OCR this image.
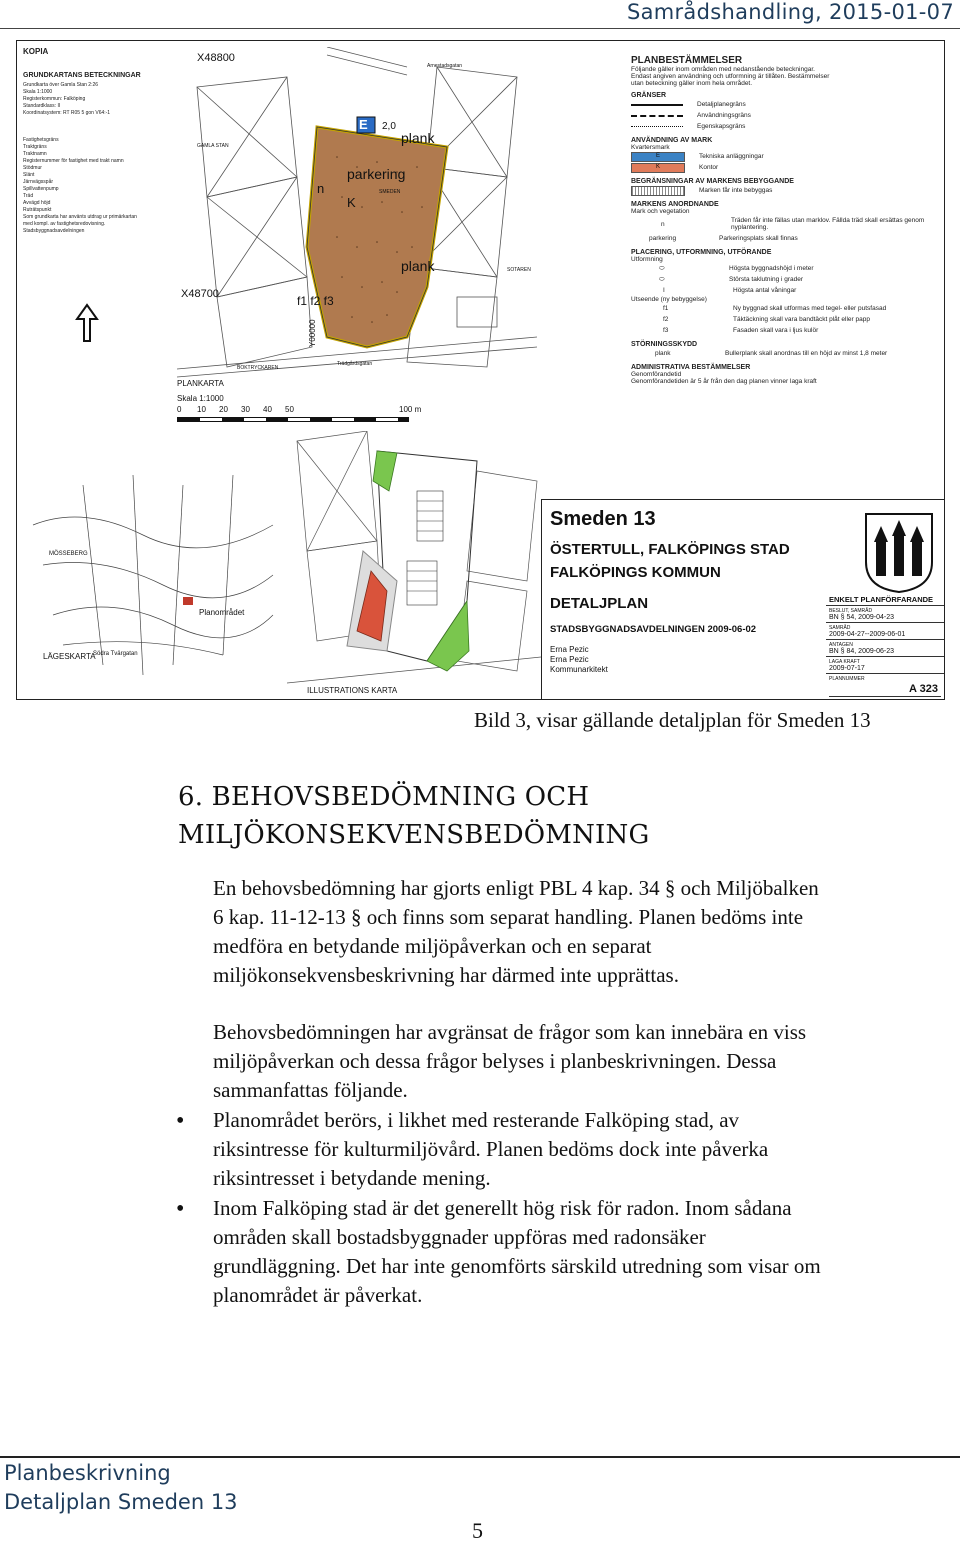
Samrådshandling, 2015-01-07
KOPIA
GRUNDKARTANS BETECKNINGAR
Grundkarta över Gamla Stan 2:26
Skala 1:1000
Registerkommun: Falköping
Standardklass: II
Koordinatsystem: RT R05 5 gon V64:-1
Fastighetsgräns
Traktgräns
Traktnamn
Registernummer för fastighet med trakt namn
Stödmur
Slänt
Järnvägsspår
Spillvattenpump
Träd
Avvägd höjd
Ruträtspunkt
Som grundkarta har använts utdrag ur primärkartan
med kompl. av fastighetsredovisning.
Stadsbyggnadsavdelningen
X48800
X48700
K
E 2,0
plank
parkering
SMEDEN
n
plank
f1 f2 f3
Arnestadsgatan
Trädgårdsgatan
BOKTRYCKAREN
SOTAREN
GAMLA STAN
Y00000
PLANKARTA
Skala 1:1000
0 10 20 30 40 50	100 m
MÖSSEBERG
Södra Tvärgatan
Planområdet
LÄGESKARTA
ILLUSTRATIONS KARTA
PLANBESTÄMMELSER
Följande gäller inom områden med nedanstående beteckningar.
Endast angiven användning och utformning är tillåten. Bestämmelser
utan beteckning gäller inom hela området.
GRÄNSER
Detaljplanegräns
Användningsgräns
Egenskapsgräns
ANVÄNDNING AV MARK
Kvartersmark
E	Tekniska anläggningar
K	Kontor
BEGRÄNSNINGAR AV MARKENS BEBYGGANDE
Marken får inte bebyggas
MARKENS ANORDNANDE
Mark och vegetation
n	Träden får inte fällas utan marklov. Fällda träd skall ersättas genom nyplantering.
parkering	Parkeringsplats skall finnas
PLACERING, UTFORMNING, UTFÖRANDE
Utformning
⬭	Högsta byggnadshöjd i meter
⬭	Största taklutning i grader
I	Högsta antal våningar
Utseende (ny bebyggelse)
f1	Ny byggnad skall utformas med tegel- eller putsfasad
f2	Täktäckning skall vara bandtäckt plåt eller papp
f3	Fasaden skall vara i ljus kulör
STÖRNINGSSKYDD
plank	Bullerplank skall anordnas till en höjd av minst 1,8 meter
ADMINISTRATIVA BESTÄMMELSER
Genomförandetid
Genomförandetiden är 5 år från den dag planen vinner laga kraft
Smeden 13
ÖSTERTULL, FALKÖPINGS STAD
FALKÖPINGS KOMMUN
DETALJPLAN
STADSBYGGNADSAVDELNINGEN 2009-06-02
Erna Pezic
Erna Pezic
Kommunarkitekt
ENKELT PLANFÖRFARANDE
BESLUT, SAMRÅD
BN § 54, 2009-04-23
SAMRÅD
2009-04-27--2009-06-01
ANTAGEN
BN § 84, 2009-06-23
LAGA KRAFT
2009-07-17
PLANNUMMER
A 323
Bild 3, visar gällande detaljplan för Smeden 13
6. BEHOVSBEDÖMNING OCH
MILJÖKONSEKVENSBEDÖMNING
En behovsbedömning har gjorts enligt PBL 4 kap. 34 § och Miljöbalken
6 kap. 11-12-13 § och finns som separat handling. Planen bedöms inte
medföra en betydande miljöpåverkan och en separat
miljökonsekvensbeskrivning har därmed inte upprättas.
Behovsbedömningen har avgränsat de frågor som kan innebära en viss
miljöpåverkan och dessa frågor belyses i planbeskrivningen. Dessa
sammanfattas följande.
•
Planområdet berörs, i likhet med resterande Falköping stad, av
riksintresse för kulturmiljövård. Planen bedöms dock inte påverka
riksintresset i betydande mening.
•
Inom Falköping stad är det generellt hög risk för radon. Inom sådana
områden skall bostadsbyggnader uppföras med radonsäker
grundläggning. Det har inte genomförts särskild utredning som visar om
planområdet är påverkat.
Planbeskrivning
Detaljplan Smeden 13
5
